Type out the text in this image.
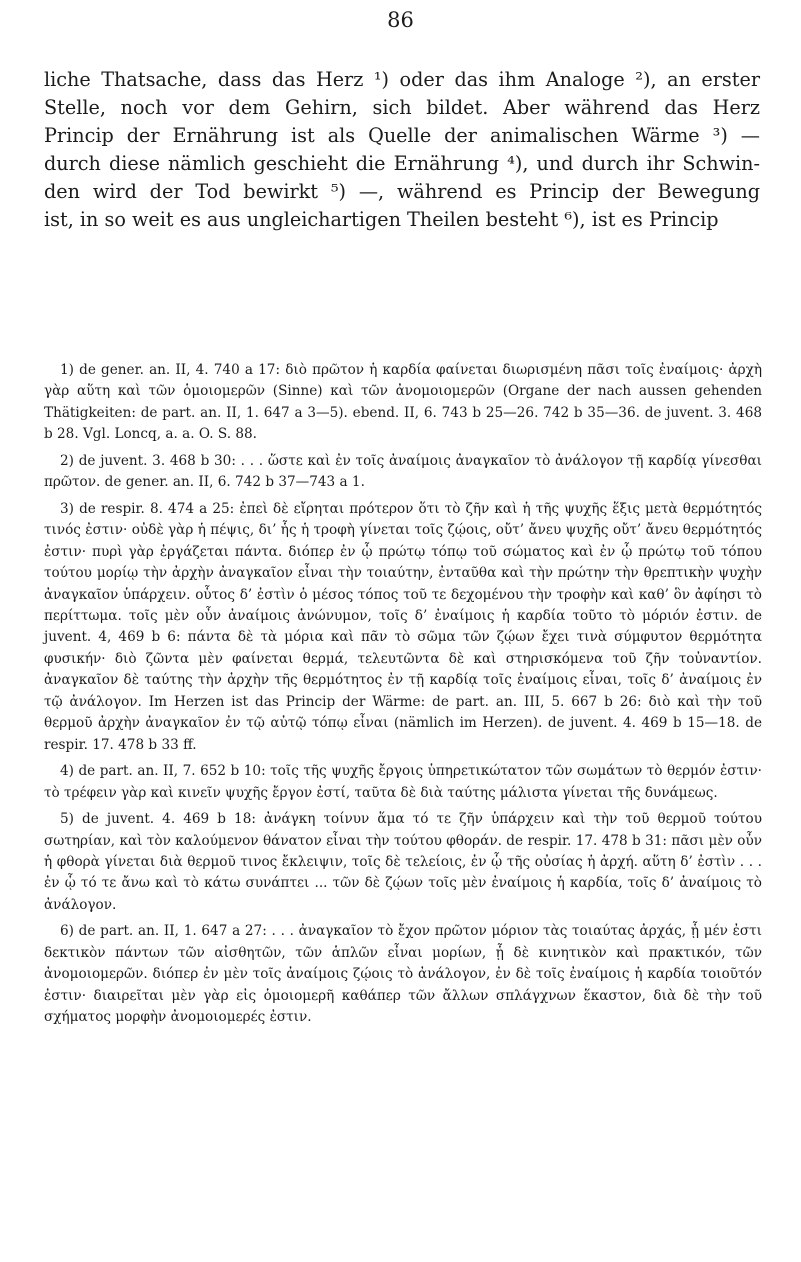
86
liche Thatsache, dass das Herz ¹) oder das ihm Analoge ²), an erster
Stelle, noch vor dem Gehirn, sich bildet. Aber während das Herz
Princip der Ernährung ist als Quelle der animalischen Wärme ³) —
durch diese nämlich geschieht die Ernährung ⁴), und durch ihr Schwin-
den wird der Tod bewirkt ⁵) —, während es Princip der Bewegung
ist, in so weit es aus ungleichartigen Theilen besteht ⁶), ist es Princip

1) de gener. an. II, 4. 740 a 17: διὸ πρῶτον ἡ καρδία φαίνεται διωρισμένη πᾶσι τοῖς ἐναίμοις· ἀρχὴ γὰρ αὕτη καὶ τῶν ὁμοιομερῶν (Sinne) καὶ τῶν ἀνομοιομερῶν (Organe der nach aussen gehenden Thätigkeiten: de part. an. II, 1. 647 a 3—5). ebend. II, 6. 743 b 25—26. 742 b 35—36. de juvent. 3. 468 b 28. Vgl. Loncq, a. a. O. S. 88.

2) de juvent. 3. 468 b 30: . . . ὥστε καὶ ἐν τοῖς ἀναίμοις ἀναγκαῖον τὸ ἀνάλογον τῇ καρδίᾳ γίνεσθαι πρῶτον. de gener. an. II, 6. 742 b 37—743 a 1.

3) de respir. 8. 474 a 25: ἐπεὶ δὲ εἴρηται πρότερον ὅτι τὸ ζῆν καὶ ἡ τῆς ψυχῆς ἕξις μετὰ θερμότητός τινός ἐστιν· οὐδὲ γὰρ ἡ πέψις, δι’ ἧς ἡ τροφὴ γίνεται τοῖς ζῴοις, οὔτ’ ἄνευ ψυχῆς οὔτ’ ἄνευ θερμότητός ἐστιν· πυρὶ γὰρ ἐργάζεται πάντα. διόπερ ἐν ᾧ πρώτῳ τόπῳ τοῦ σώματος καὶ ἐν ᾧ πρώτῳ τοῦ τόπου τούτου μορίῳ τὴν ἀρχὴν ἀναγκαῖον εἶναι τὴν τοιαύτην, ἐνταῦθα καὶ τὴν πρώτην τὴν θρεπτικὴν ψυχὴν ἀναγκαῖον ὑπάρχειν. οὗτος δ’ ἐστὶν ὁ μέσος τόπος τοῦ τε δεχομένου τὴν τροφὴν καὶ καθ’ ὃν ἀφίησι τὸ περίττωμα. τοῖς μὲν οὖν ἀναίμοις ἀνώνυμον, τοῖς δ’ ἐναίμοις ἡ καρδία τοῦτο τὸ μόριόν ἐστιν. de juvent. 4, 469 b 6: πάντα δὲ τὰ μόρια καὶ πᾶν τὸ σῶμα τῶν ζῴων ἔχει τινὰ σύμφυτον θερμότητα φυσικήν· διὸ ζῶντα μὲν φαίνεται θερμά, τελευτῶντα δὲ καὶ στηρισκόμενα τοῦ ζῆν τοὐναντίον. ἀναγκαῖον δὲ ταύτης τὴν ἀρχὴν τῆς θερμότητος ἐν τῇ καρδίᾳ τοῖς ἐναίμοις εἶναι, τοῖς δ’ ἀναίμοις ἐν τῷ ἀνάλογον. Im Herzen ist das Princip der Wärme: de part. an. III, 5. 667 b 26: διὸ καὶ τὴν τοῦ θερμοῦ ἀρχὴν ἀναγκαῖον ἐν τῷ αὐτῷ τόπῳ εἶναι (nämlich im Herzen). de juvent. 4. 469 b 15—18. de respir. 17. 478 b 33 ff.

4) de part. an. II, 7. 652 b 10: τοῖς τῆς ψυχῆς ἔργοις ὑπηρετικώτατον τῶν σωμάτων τὸ θερμόν ἐστιν· τὸ τρέφειν γὰρ καὶ κινεῖν ψυχῆς ἔργον ἐστί, ταῦτα δὲ διὰ ταύτης μάλιστα γίνεται τῆς δυνάμεως.

5) de juvent. 4. 469 b 18: ἀνάγκη τοίνυν ἅμα τό τε ζῆν ὑπάρχειν καὶ τὴν τοῦ θερμοῦ τούτου σωτηρίαν, καὶ τὸν καλούμενον θάνατον εἶναι τὴν τούτου φθοράν. de respir. 17. 478 b 31: πᾶσι μὲν οὖν ἡ φθορὰ γίνεται διὰ θερμοῦ τινος ἔκλειψιν, τοῖς δὲ τελείοις, ἐν ᾧ τῆς οὐσίας ἡ ἀρχή. αὕτη δ’ ἐστὶν . . . ἐν ᾧ τό τε ἄνω καὶ τὸ κάτω συνάπτει ... τῶν δὲ ζῴων τοῖς μὲν ἐναίμοις ἡ καρδία, τοῖς δ’ ἀναίμοις τὸ ἀνάλογον.

6) de part. an. II, 1. 647 a 27: . . . ἀναγκαῖον τὸ ἔχον πρῶτον μόριον τὰς τοιαύτας ἀρχάς, ᾗ μέν ἐστι δεκτικὸν πάντων τῶν αἰσθητῶν, τῶν ἁπλῶν εἶναι μορίων, ᾗ δὲ κινητικὸν καὶ πρακτικόν, τῶν ἀνομοιομερῶν. διόπερ ἐν μὲν τοῖς ἀναίμοις ζῴοις τὸ ἀνάλογον, ἐν δὲ τοῖς ἐναίμοις ἡ καρδία τοιοῦτόν ἐστιν· διαιρεῖται μὲν γὰρ εἰς ὁμοιομερῆ καθάπερ τῶν ἄλλων σπλάγχνων ἕκαστον, διὰ δὲ τὴν τοῦ σχήματος μορφὴν ἀνομοιομερές ἐστιν.
